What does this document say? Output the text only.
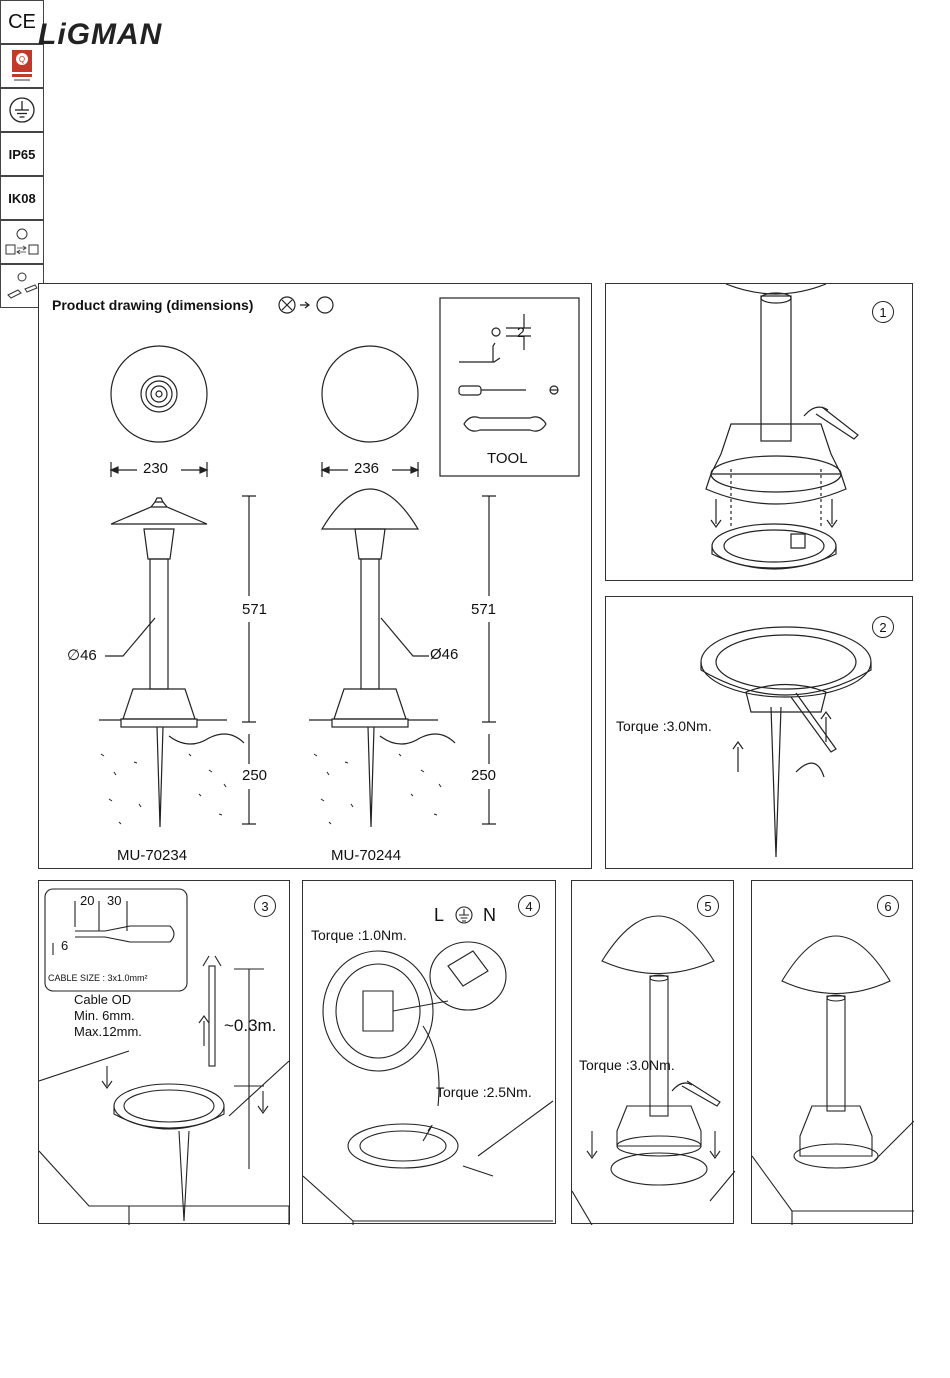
LiGMAN
CE
Q
IP65
IK08
Product drawing (dimensions)
230	236
571	571
250	250
∅46	Ø46
2
TOOL
MU-70234	MU-70244
1
2
Torque :3.0Nm.
3
20 30
6
CABLE SIZE : 3x1.0mm²
Cable OD
Min. 6mm.
Max.12mm.	~0.3m.
4
Torque :1.0Nm.
Torque :2.5Nm.
L N	5
Torque :3.0Nm.
6
